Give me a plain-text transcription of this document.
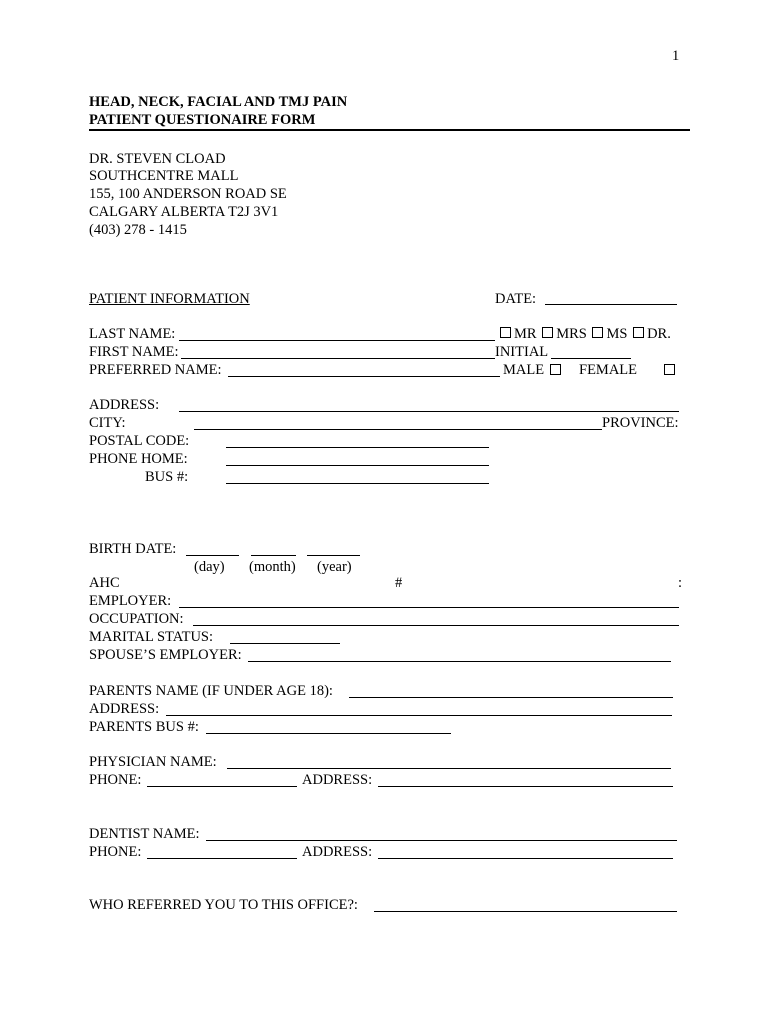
1
HEAD, NECK, FACIAL AND TMJ PAIN
PATIENT QUESTIONAIRE FORM
DR. STEVEN CLOAD
SOUTHCENTRE MALL
155, 100 ANDERSON ROAD SE
CALGARY ALBERTA T2J 3V1
(403) 278 - 1415
PATIENT INFORMATION	DATE:
LAST NAME:	MR MRS MS DR.
FIRST NAME:	INITIAL
PREFERRED NAME:	MALE
FEMALE
ADDRESS:
CITY:	PROVINCE:
POSTAL CODE:
PHONE HOME:
BUS #:
BIRTH DATE:
(day) (month) (year)
AHC	#	:
EMPLOYER:
OCCUPATION:
MARITAL STATUS:
SPOUSE’S EMPLOYER:
PARENTS NAME (IF UNDER AGE 18):
ADDRESS:
PARENTS BUS #:
PHYSICIAN NAME:
PHONE:	ADDRESS:
DENTIST NAME:
PHONE:	ADDRESS:
WHO REFERRED YOU TO THIS OFFICE?:
